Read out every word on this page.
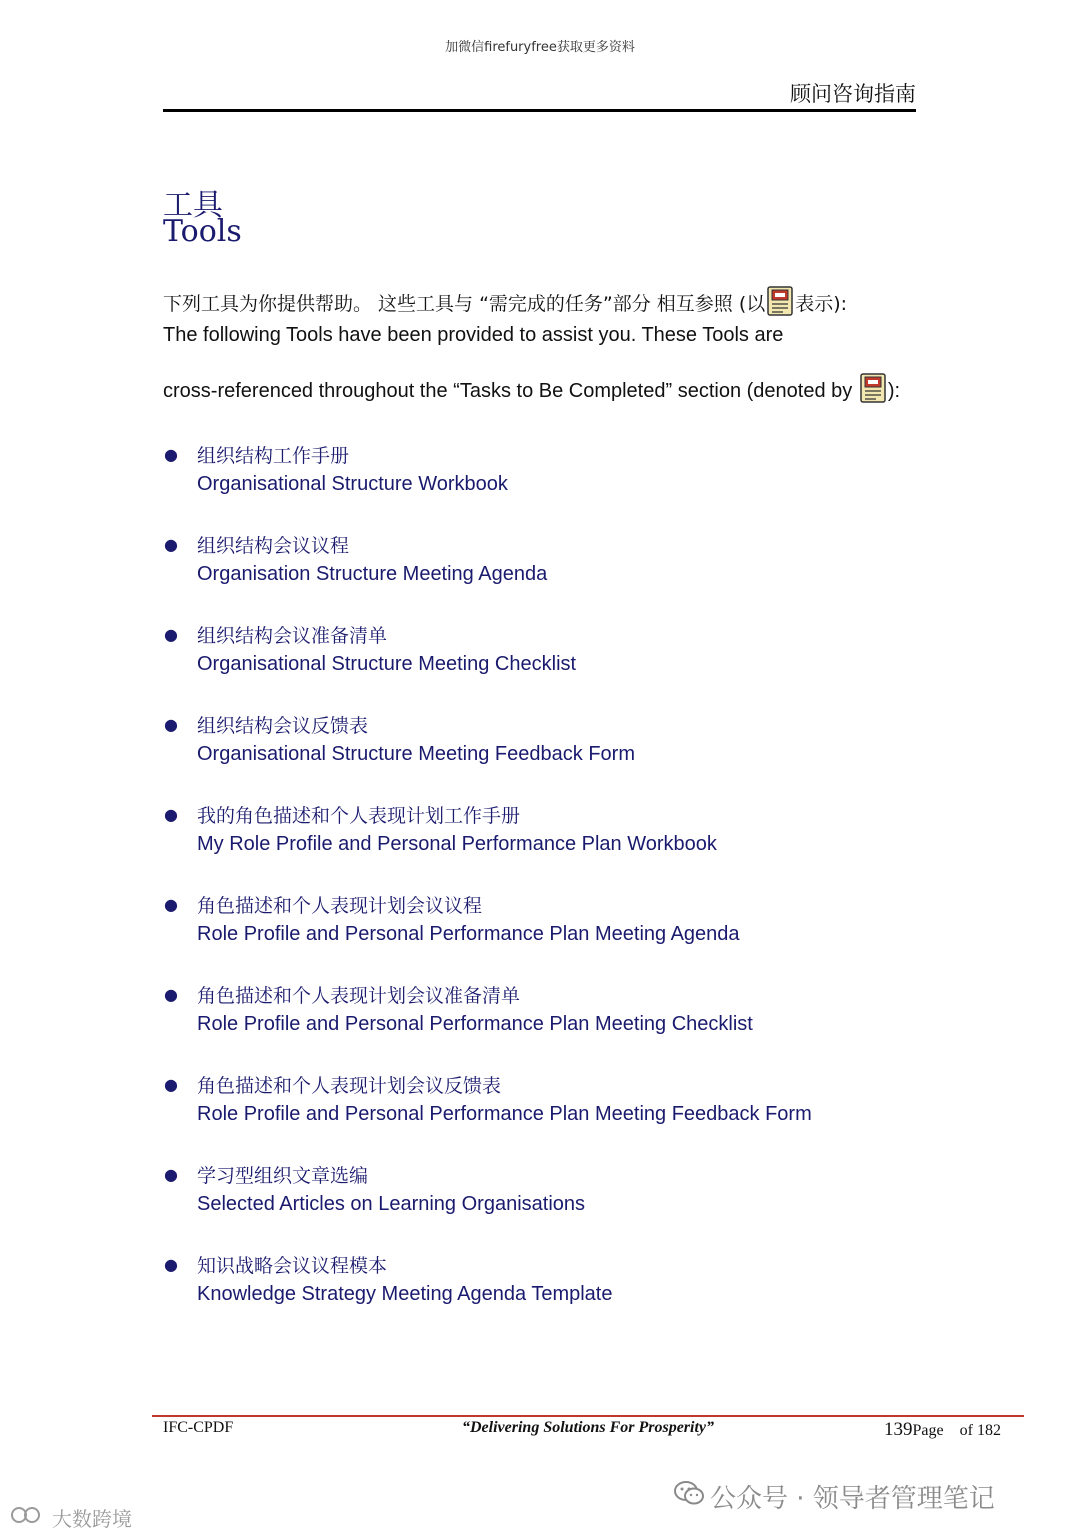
加微信firefuryfree获取更多资料
顾问咨询指南
工具
Tools
下列工具为你提供帮助。 这些工具与 “需完成的任务”部分 相互参照 (以 表示):
The following Tools have been provided to assist you. These Tools are
cross-referenced throughout the “Tasks to Be Completed” section (denoted by ):
● 组织结构工作手册
Organisational Structure Workbook
● 组织结构会议议程
Organisation Structure Meeting Agenda
● 组织结构会议准备清单
Organisational Structure Meeting Checklist
● 组织结构会议反馈表
Organisational Structure Meeting Feedback Form
● 我的角色描述和个人表现计划工作手册
My Role Profile and Personal Performance Plan Workbook
● 角色描述和个人表现计划会议议程
Role Profile and Personal Performance Plan Meeting Agenda
● 角色描述和个人表现计划会议准备清单
Role Profile and Personal Performance Plan Meeting Checklist
● 角色描述和个人表现计划会议反馈表
Role Profile and Personal Performance Plan Meeting Feedback Form
● 学习型组织文章选编
Selected Articles on Learning Organisations
● 知识战略会议议程模本
Knowledge Strategy Meeting Agenda Template
IFC-CPDF	“Delivering Solutions For Prosperity”	139Page of 182
公众号 · 领导者管理笔记
大数跨境
